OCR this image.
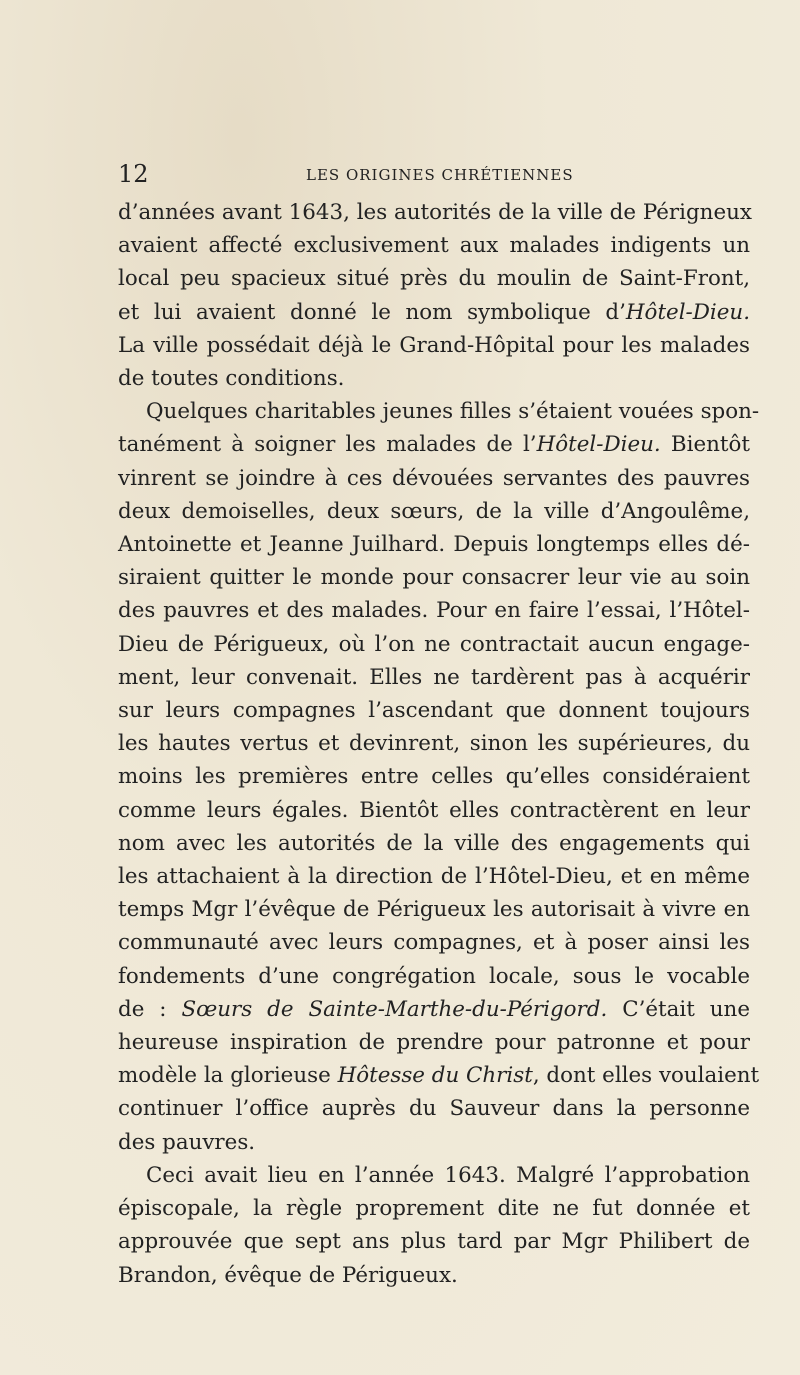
12	LES ORIGINES CHRÉTIENNES
d’années avant 1643, les autorités de la ville de Périgneux
avaient affecté exclusivement aux malades indigents un
local peu spacieux situé près du moulin de Saint-Front,
et lui avaient donné le nom symbolique d’Hôtel-Dieu.
La ville possédait déjà le Grand-Hôpital pour les malades
de toutes conditions.
Quelques charitables jeunes filles s’étaient vouées spon-
tanément à soigner les malades de l’Hôtel-Dieu. Bientôt
vinrent se joindre à ces dévouées servantes des pauvres
deux demoiselles, deux sœurs, de la ville d’Angoulême,
Antoinette et Jeanne Juilhard. Depuis longtemps elles dé-
siraient quitter le monde pour consacrer leur vie au soin
des pauvres et des malades. Pour en faire l’essai, l’Hôtel-
Dieu de Périgueux, où l’on ne contractait aucun engage-
ment, leur convenait. Elles ne tardèrent pas à acquérir
sur leurs compagnes l’ascendant que donnent toujours
les hautes vertus et devinrent, sinon les supérieures, du
moins les premières entre celles qu’elles considéraient
comme leurs égales. Bientôt elles contractèrent en leur
nom avec les autorités de la ville des engagements qui
les attachaient à la direction de l’Hôtel-Dieu, et en même
temps Mgr l’évêque de Périgueux les autorisait à vivre en
communauté avec leurs compagnes, et à poser ainsi les
fondements d’une congrégation locale, sous le vocable
de : Sœurs de Sainte-Marthe-du-Périgord. C’était une
heureuse inspiration de prendre pour patronne et pour
modèle la glorieuse Hôtesse du Christ, dont elles voulaient
continuer l’office auprès du Sauveur dans la personne
des pauvres.
Ceci avait lieu en l’année 1643. Malgré l’approbation
épiscopale, la règle proprement dite ne fut donnée et
approuvée que sept ans plus tard par Mgr Philibert de
Brandon, évêque de Périgueux.
